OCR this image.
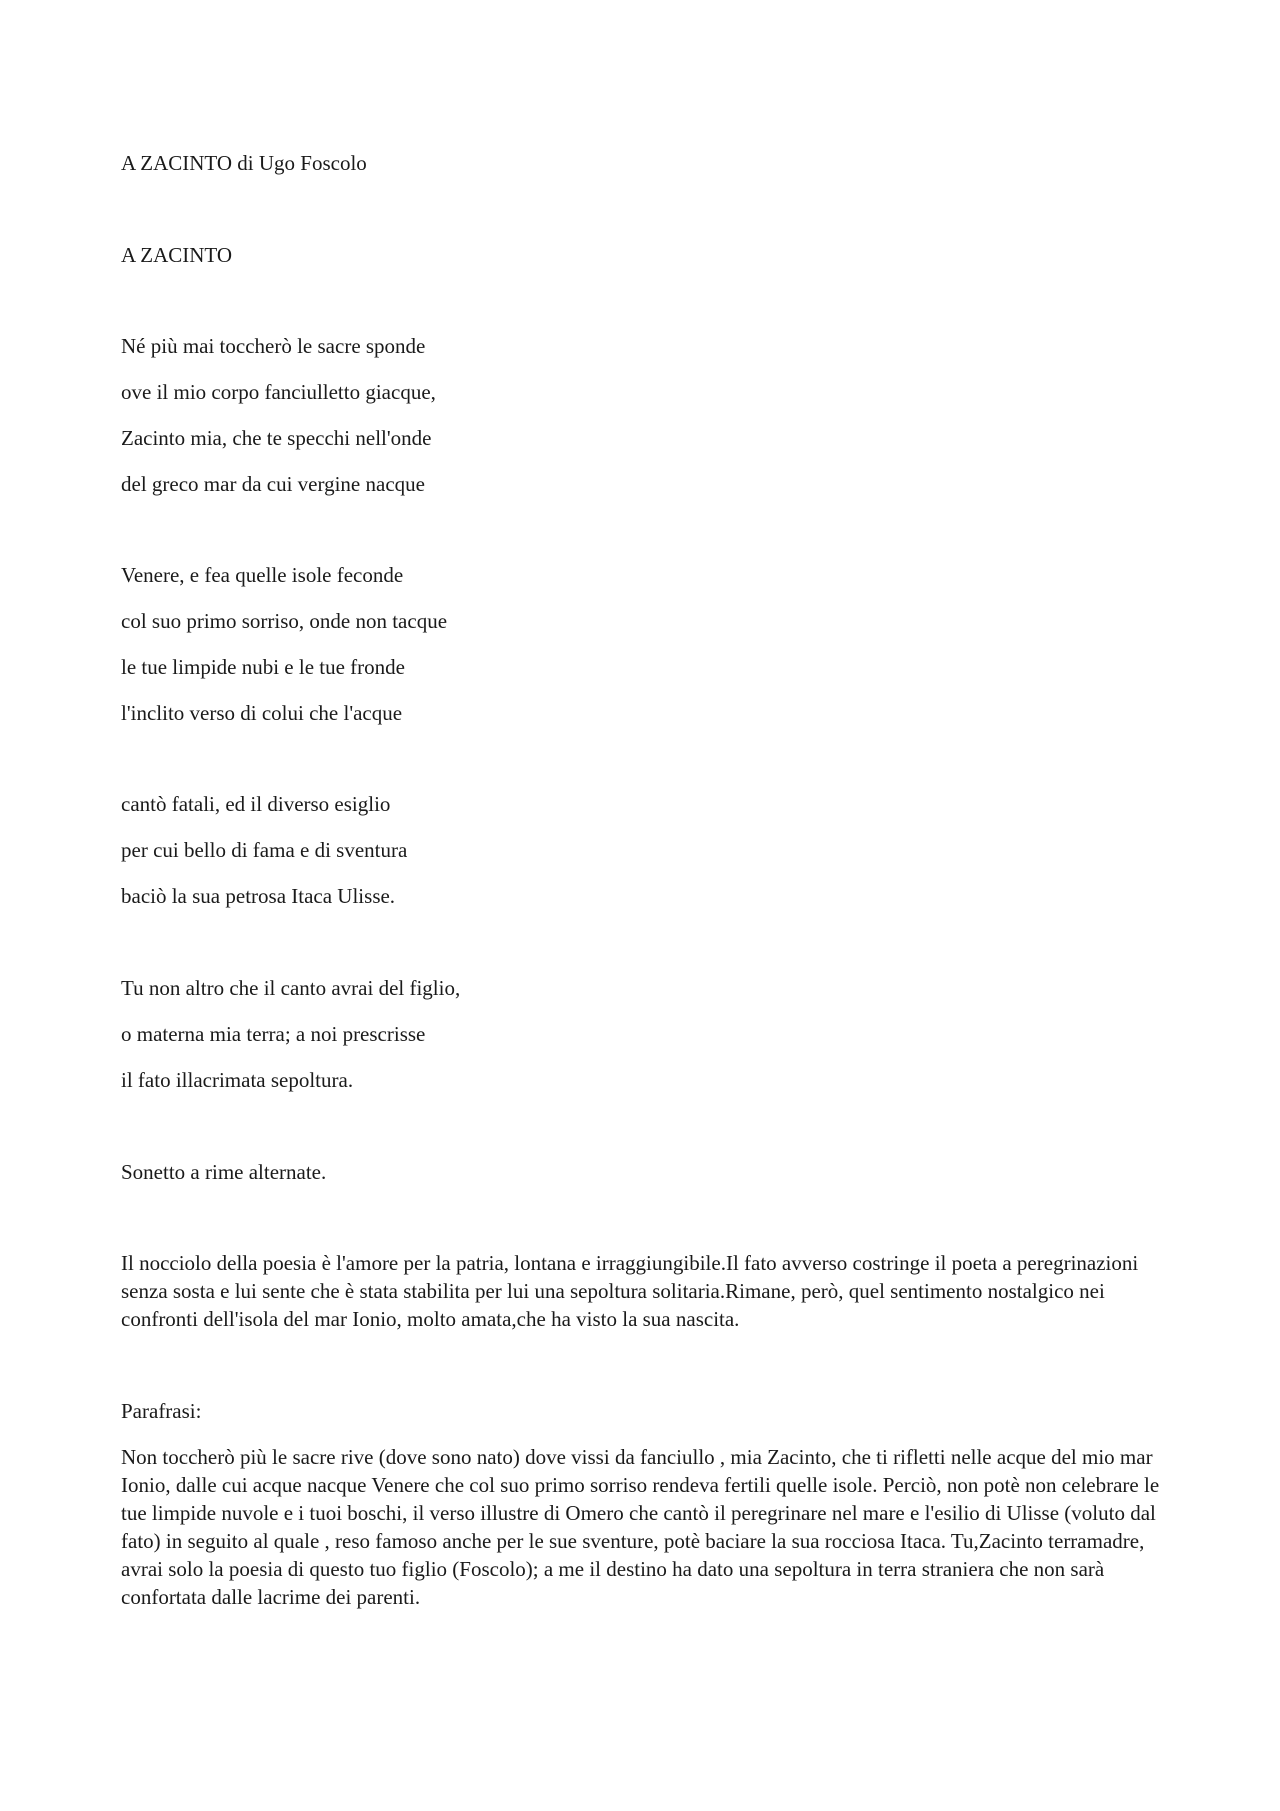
A ZACINTO di Ugo Foscolo

A ZACINTO

Né più mai toccherò le sacre sponde

ove il mio corpo fanciulletto giacque,

Zacinto mia, che te specchi nell'onde

del greco mar da cui vergine nacque

Venere, e fea quelle isole feconde

col suo primo sorriso, onde non tacque

le tue limpide nubi e le tue fronde

l'inclito verso di colui che l'acque

cantò fatali, ed il diverso esiglio

per cui bello di fama e di sventura

baciò la sua petrosa Itaca Ulisse.

Tu non altro che il canto avrai del figlio,

o materna mia terra; a noi prescrisse

il fato illacrimata sepoltura.

Sonetto a rime alternate.

Il nocciolo della poesia è l'amore per la patria, lontana e irraggiungibile.Il fato avverso costringe il poeta a peregrinazioni senza sosta e lui sente che è stata stabilita per lui una sepoltura solitaria.Rimane, però, quel sentimento nostalgico nei confronti dell'isola del mar Ionio, molto amata,che ha visto la sua nascita.

Parafrasi:

Non toccherò più le sacre rive (dove sono nato) dove vissi da fanciullo , mia Zacinto, che ti rifletti nelle acque del mio mar Ionio, dalle cui acque nacque Venere che col suo primo sorriso rendeva fertili quelle isole. Perciò, non potè non celebrare le tue limpide nuvole e i tuoi boschi, il verso illustre di Omero che cantò il peregrinare nel mare e l'esilio di Ulisse (voluto dal fato) in seguito al quale , reso famoso anche per le sue sventure, potè baciare la sua rocciosa Itaca. Tu,Zacinto terramadre, avrai solo la poesia di questo tuo figlio (Foscolo); a me il destino ha dato una sepoltura in terra straniera che non sarà confortata dalle lacrime dei parenti.
